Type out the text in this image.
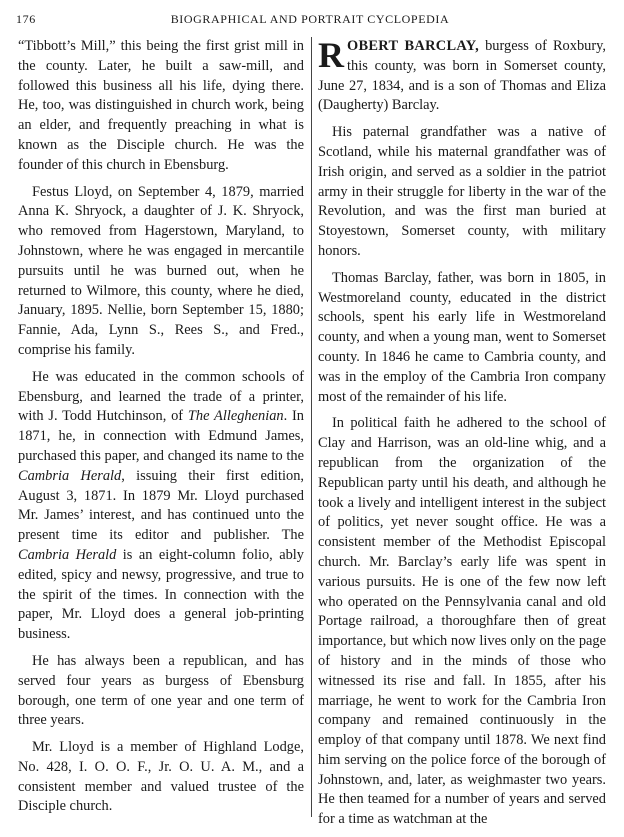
176	BIOGRAPHICAL AND PORTRAIT CYCLOPEDIA

“Tibbott’s Mill,” this being the first grist mill in the county. Later, he built a saw-mill, and followed this business all his life, dying there. He, too, was distinguished in church work, being an elder, and frequently preaching in what is known as the Disciple church. He was the founder of this church in Ebensburg.

Festus Lloyd, on September 4, 1879, married Anna K. Shryock, a daughter of J. K. Shryock, who removed from Hagerstown, Maryland, to Johnstown, where he was engaged in mercantile pursuits until he was burned out, when he returned to Wilmore, this county, where he died, January, 1895. Nellie, born September 15, 1880; Fannie, Ada, Lynn S., Rees S., and Fred., comprise his family.

He was educated in the common schools of Ebensburg, and learned the trade of a printer, with J. Todd Hutchinson, of The Alleghenian. In 1871, he, in connection with Edmund James, purchased this paper, and changed its name to the Cambria Herald, issuing their first edition, August 3, 1871. In 1879 Mr. Lloyd purchased Mr. James’ interest, and has continued unto the present time its editor and publisher. The Cambria Herald is an eight-column folio, ably edited, spicy and newsy, progressive, and true to the spirit of the times. In connection with the paper, Mr. Lloyd does a general job-printing business.

He has always been a republican, and has served four years as burgess of Ebensburg borough, one term of one year and one term of three years.

Mr. Lloyd is a member of Highland Lodge, No. 428, I. O. O. F., Jr. O. U. A. M., and a consistent member and valued trustee of the Disciple church.

ROBERT BARCLAY, burgess of Roxbury, this county, was born in Somerset county, June 27, 1834, and is a son of Thomas and Eliza (Daugherty) Barclay.

His paternal grandfather was a native of Scotland, while his maternal grandfather was of Irish origin, and served as a soldier in the patriot army in their struggle for liberty in the war of the Revolution, and was the first man buried at Stoyestown, Somerset county, with military honors.

Thomas Barclay, father, was born in 1805, in Westmoreland county, educated in the district schools, spent his early life in Westmoreland county, and when a young man, went to Somerset county. In 1846 he came to Cambria county, and was in the employ of the Cambria Iron company most of the remainder of his life.

In political faith he adhered to the school of Clay and Harrison, was an old-line whig, and a republican from the organization of the Republican party until his death, and although he took a lively and intelligent interest in the subject of politics, yet never sought office. He was a consistent member of the Methodist Episcopal church. Mr. Barclay’s early life was spent in various pursuits. He is one of the few now left who operated on the Pennsylvania canal and old Portage railroad, a thoroughfare then of great importance, but which now lives only on the page of history and in the minds of those who witnessed its rise and fall. In 1855, after his marriage, he went to work for the Cambria Iron company and remained continuously in the employ of that company until 1878. We next find him serving on the police force of the borough of Johnstown, and, later, as weighmaster two years. He then teamed for a number of years and served for a time as watchman at the
